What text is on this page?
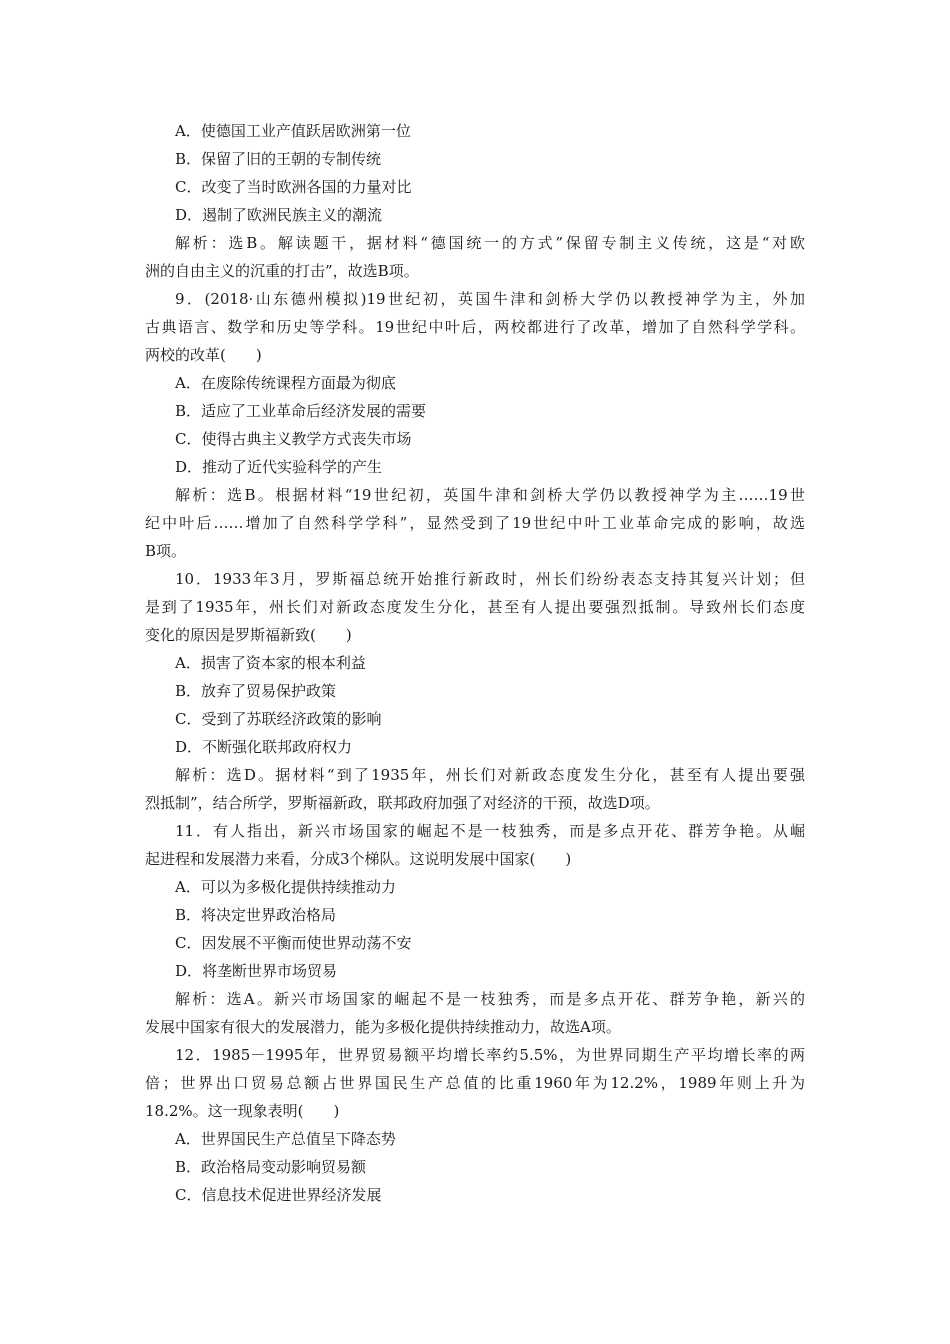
A．使德国工业产值跃居欧洲第一位
B．保留了旧的王朝的专制传统
C．改变了当时欧洲各国的力量对比
D．遏制了欧洲民族主义的潮流
解析：选B。解读题干，据材料“德国统一的方式”保留专制主义传统，这是“对欧
洲的自由主义的沉重的打击”，故选B项。
9．(2018·山东德州模拟)19世纪初，英国牛津和剑桥大学仍以教授神学为主，外加
古典语言、数学和历史等学科。19世纪中叶后，两校都进行了改革，增加了自然科学学科。
两校的改革(　　)
A．在废除传统课程方面最为彻底
B．适应了工业革命后经济发展的需要
C．使得古典主义教学方式丧失市场
D．推动了近代实验科学的产生
解析：选B。根据材料“19世纪初，英国牛津和剑桥大学仍以教授神学为主……19世
纪中叶后……增加了自然科学学科”，显然受到了19世纪中叶工业革命完成的影响，故选
B项。
10．1933年3月，罗斯福总统开始推行新政时，州长们纷纷表态支持其复兴计划；但
是到了1935年，州长们对新政态度发生分化，甚至有人提出要强烈抵制。导致州长们态度
变化的原因是罗斯福新致(　　)
A．损害了资本家的根本利益
B．放弃了贸易保护政策
C．受到了苏联经济政策的影响
D．不断强化联邦政府权力
解析：选D。据材料“到了1935年，州长们对新政态度发生分化，甚至有人提出要强
烈抵制”，结合所学，罗斯福新政，联邦政府加强了对经济的干预，故选D项。
11．有人指出，新兴市场国家的崛起不是一枝独秀，而是多点开花、群芳争艳。从崛
起进程和发展潜力来看，分成3个梯队。这说明发展中国家(　　)
A．可以为多极化提供持续推动力
B．将决定世界政治格局
C．因发展不平衡而使世界动荡不安
D．将垄断世界市场贸易
解析：选A。新兴市场国家的崛起不是一枝独秀，而是多点开花、群芳争艳，新兴的
发展中国家有很大的发展潜力，能为多极化提供持续推动力，故选A项。
12．1985－1995年，世界贸易额平均增长率约5.5%，为世界同期生产平均增长率的两
倍；世界出口贸易总额占世界国民生产总值的比重1960年为12.2%，1989年则上升为
18.2%。这一现象表明(　　)
A．世界国民生产总值呈下降态势
B．政治格局变动影响贸易额
C．信息技术促进世界经济发展
